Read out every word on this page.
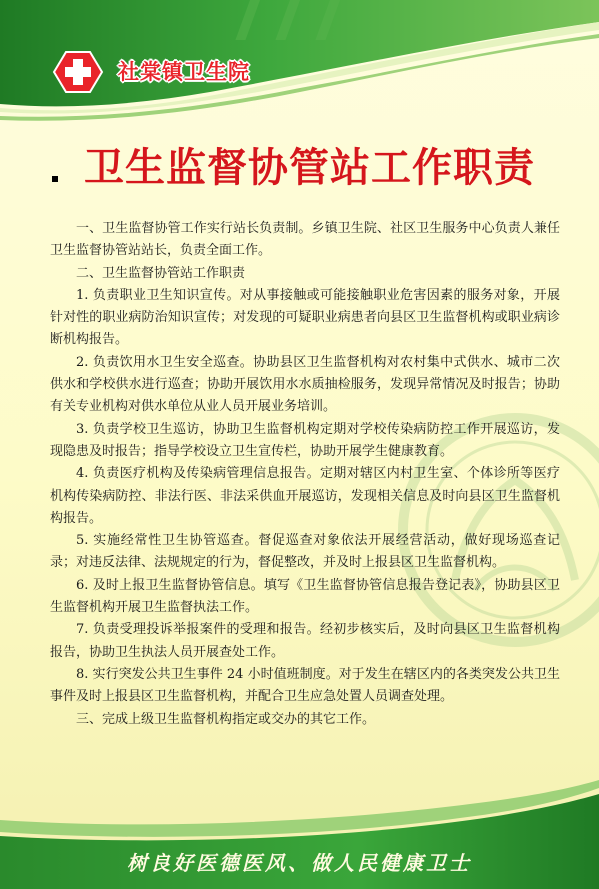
社棠镇卫生院
卫生监督协管站工作职责

一、卫生监督协管工作实行站长负责制。乡镇卫生院、社区卫生服务中心负责人兼任卫生监督协管站站长，负责全面工作。

二、卫生监督协管站工作职责

1. 负责职业卫生知识宣传。对从事接触或可能接触职业危害因素的服务对象，开展针对性的职业病防治知识宣传；对发现的可疑职业病患者向县区卫生监督机构或职业病诊断机构报告。

2. 负责饮用水卫生安全巡查。协助县区卫生监督机构对农村集中式供水、城市二次供水和学校供水进行巡查；协助开展饮用水水质抽检服务，发现异常情况及时报告；协助有关专业机构对供水单位从业人员开展业务培训。

3. 负责学校卫生巡访，协助卫生监督机构定期对学校传染病防控工作开展巡访，发现隐患及时报告；指导学校设立卫生宣传栏，协助开展学生健康教育。

4. 负责医疗机构及传染病管理信息报告。定期对辖区内村卫生室、个体诊所等医疗机构传染病防控、非法行医、非法采供血开展巡访，发现相关信息及时向县区卫生监督机构报告。

5. 实施经常性卫生协管巡查。督促巡查对象依法开展经营活动，做好现场巡查记录；对违反法律、法规规定的行为，督促整改，并及时上报县区卫生监督机构。

6. 及时上报卫生监督协管信息。填写《卫生监督协管信息报告登记表》，协助县区卫生监督机构开展卫生监督执法工作。

7. 负责受理投诉举报案件的受理和报告。经初步核实后，及时向县区卫生监督机构报告，协助卫生执法人员开展查处工作。

8. 实行突发公共卫生事件 24 小时值班制度。对于发生在辖区内的各类突发公共卫生事件及时上报县区卫生监督机构，并配合卫生应急处置人员调查处理。

三、完成上级卫生监督机构指定或交办的其它工作。

树良好医德医风、做人民健康卫士
